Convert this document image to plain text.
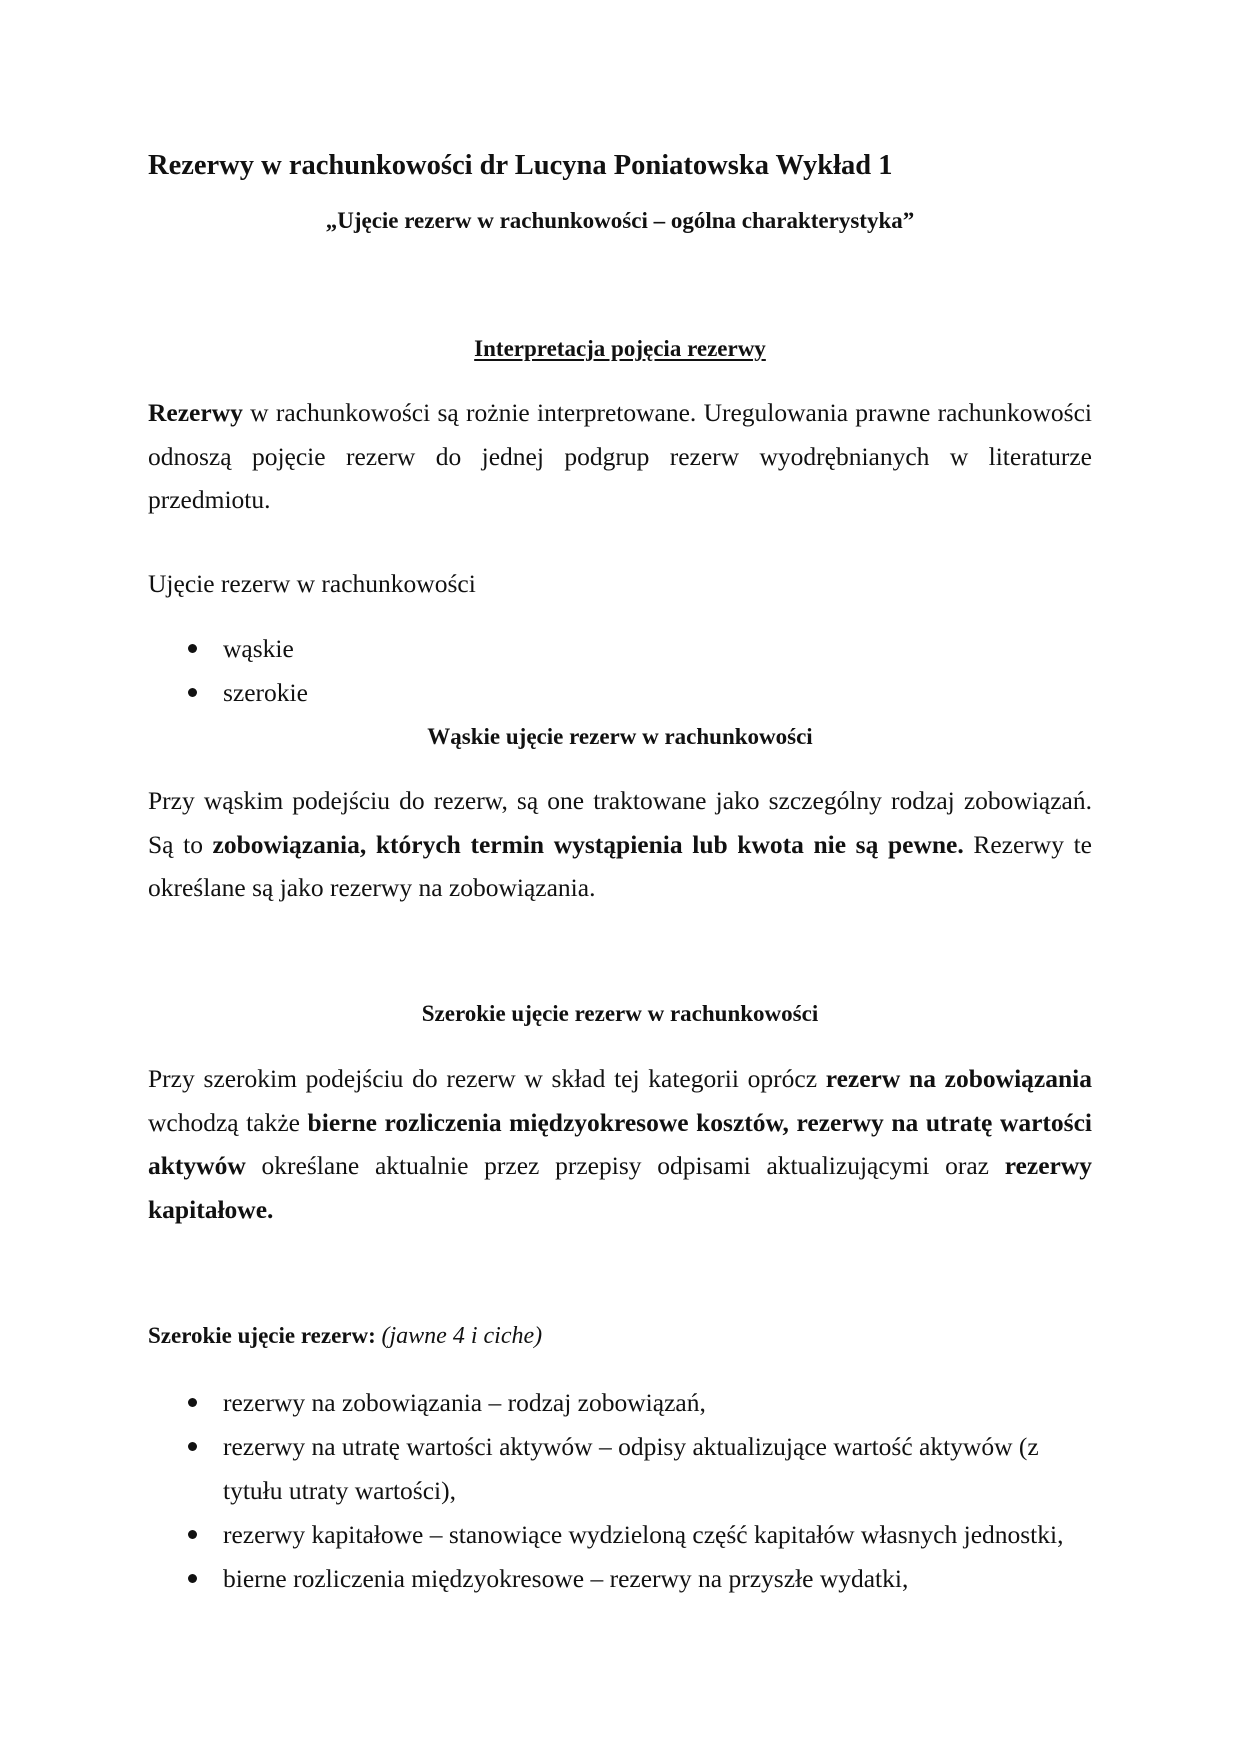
Rezerwy w rachunkowości dr Lucyna Poniatowska Wykład 1
„Ujęcie rezerw w rachunkowości – ogólna charakterystyka”
Interpretacja pojęcia rezerwy

Rezerwy w rachunkowości są rożnie interpretowane. Uregulowania prawne rachunkowości odnoszą pojęcie rezerw do jednej podgrup rezerw wyodrębnianych w literaturze przedmiotu.

Ujęcie rezerw w rachunkowości
wąskie
szerokie
Wąskie ujęcie rezerw w rachunkowości

Przy wąskim podejściu do rezerw, są one traktowane jako szczególny rodzaj zobowiązań. Są to zobowiązania, których termin wystąpienia lub kwota nie są pewne. Rezerwy te określane są jako rezerwy na zobowiązania.

Szerokie ujęcie rezerw w rachunkowości

Przy szerokim podejściu do rezerw w skład tej kategorii oprócz rezerw na zobowiązania wchodzą także bierne rozliczenia międzyokresowe kosztów, rezerwy na utratę wartości aktywów określane aktualnie przez przepisy odpisami aktualizującymi oraz rezerwy kapitałowe.

Szerokie ujęcie rezerw: (jawne 4 i ciche)
rezerwy na zobowiązania – rodzaj zobowiązań,
rezerwy na utratę wartości aktywów – odpisy aktualizujące wartość aktywów (z tytułu utraty wartości),
rezerwy kapitałowe – stanowiące wydzieloną część kapitałów własnych jednostki,
bierne rozliczenia międzyokresowe – rezerwy na przyszłe wydatki,
